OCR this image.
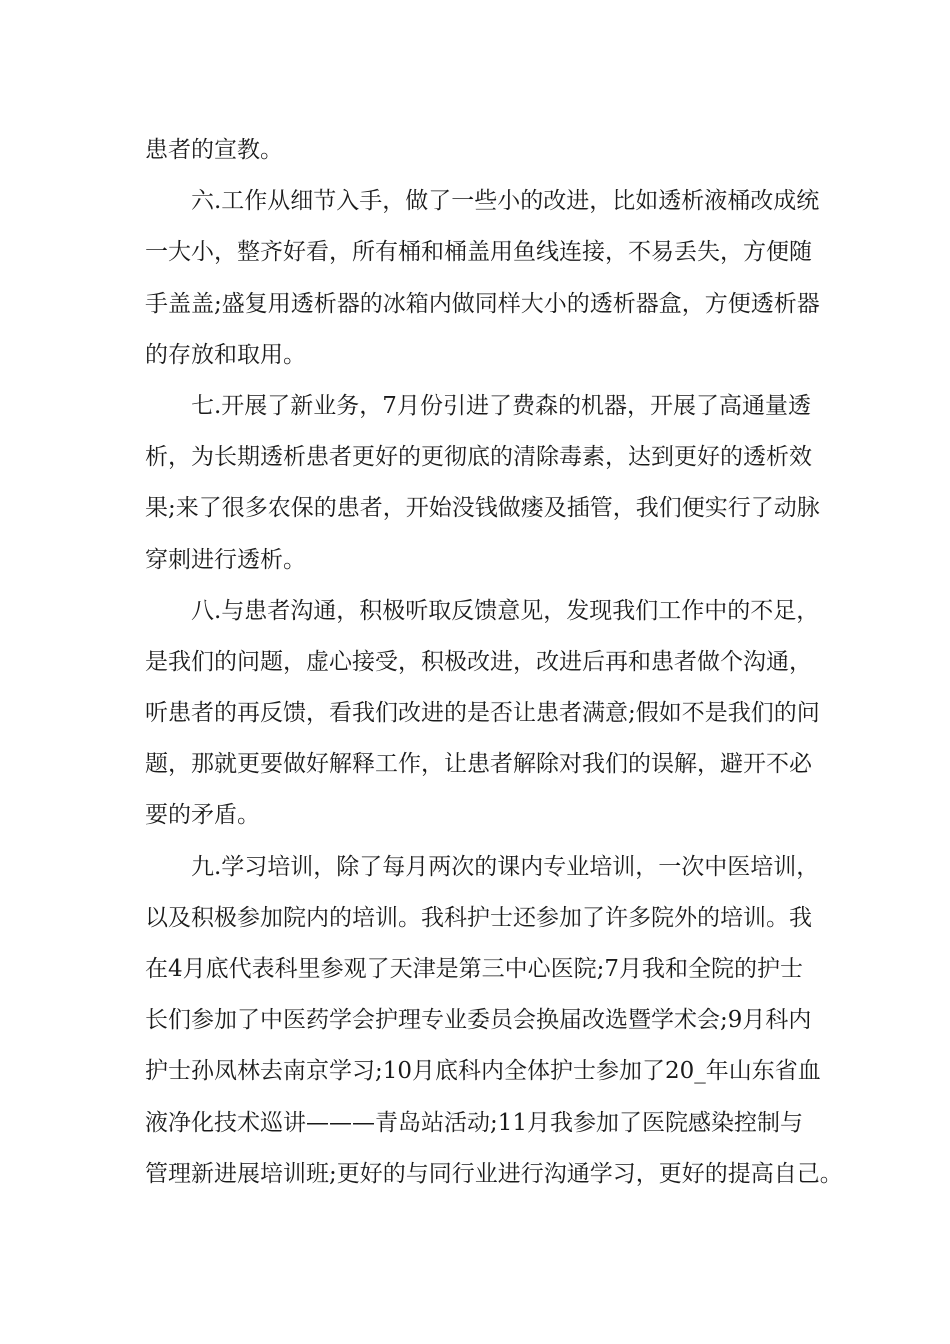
患者的宣教。
六.工作从细节入手，做了一些小的改进，比如透析液桶改成统
一大小，整齐好看，所有桶和桶盖用鱼线连接，不易丢失，方便随
手盖盖;盛复用透析器的冰箱内做同样大小的透析器盒，方便透析器
的存放和取用。
七.开展了新业务，7月份引进了费森的机器，开展了高通量透
析，为长期透析患者更好的更彻底的清除毒素，达到更好的透析效
果;来了很多农保的患者，开始没钱做瘘及插管，我们便实行了动脉
穿刺进行透析。
八.与患者沟通，积极听取反馈意见，发现我们工作中的不足，
是我们的问题，虚心接受，积极改进，改进后再和患者做个沟通，
听患者的再反馈，看我们改进的是否让患者满意;假如不是我们的问
题，那就更要做好解释工作，让患者解除对我们的误解，避开不必
要的矛盾。
九.学习培训，除了每月两次的课内专业培训，一次中医培训，
以及积极参加院内的培训。我科护士还参加了许多院外的培训。我
在4月底代表科里参观了天津是第三中心医院;7月我和全院的护士
长们参加了中医药学会护理专业委员会换届改选暨学术会;9月科内
护士孙凤林去南京学习;10月底科内全体护士参加了20_年山东省血
液净化技术巡讲———青岛站活动;11月我参加了医院感染控制与
管理新进展培训班;更好的与同行业进行沟通学习，更好的提高自己。
